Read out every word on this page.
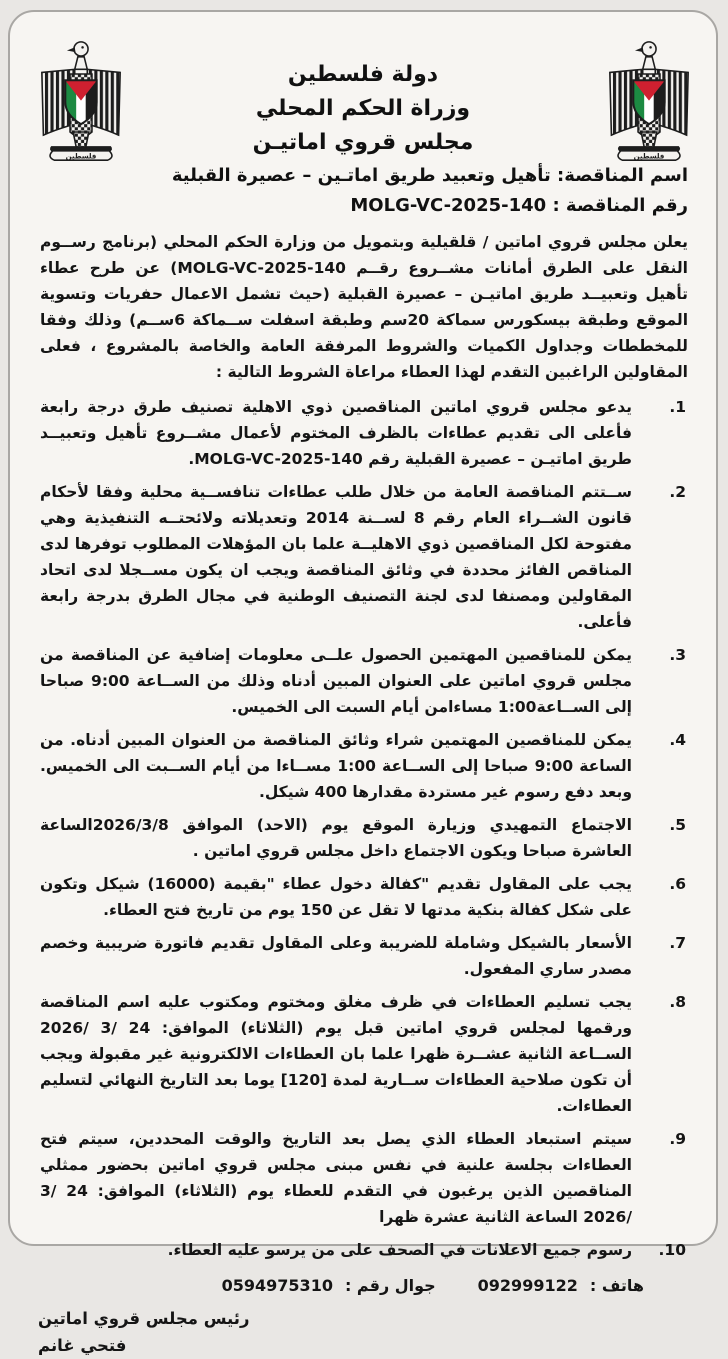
فلسطين	فلسطين
دولة فلسطين
وزراة الحكم المحلي
مجلس قروي اماتيـن
اسم المناقصة: تأهيل وتعبيد طريق اماتـين – عصيرة القبلية
رقم المناقصة : MOLG-VC-2025-140
يعلن مجلس قروي اماتين / قلقيلية وبتمويل من وزارة الحكم المحلي (برنامج رســوم النقل على الطرق أمانات مشــروع رقــم MOLG-VC-2025-140) عن طرح عطاء تأهيل وتعبيــد طريق اماتيـن – عصيرة القبلية (حيث تشمل الاعمال حفريات وتسوية الموقع وطبقة بيسكورس سماكة 20سم وطبقة اسفلت ســماكة 6ســم) وذلك وفقا للمخططات وجداول الكميات والشروط المرفقة العامة والخاصة بالمشروع ، فعلى المقاولين الراغبين التقدم لهذا العطاء مراعاة الشروط التالية :
1.
يدعو مجلس قروي اماتين المناقصين ذوي الاهلية تصنيف طرق درجة رابعة فأعلى الى تقديم عطاءات بالظرف المختوم لأعمال مشــروع تأهيل وتعبيــد طريق اماتيـن – عصيرة القبلية رقم MOLG-VC-2025-140.
2.
ســتتم المناقصة العامة من خلال طلب عطاءات تنافســية محلية وفقا لأحكام قانون الشــراء العام رقم 8 لســنة 2014 وتعديلاته ولائحتــه التنفيذية وهي مفتوحة لكل المناقصين ذوي الاهليــة علما بان المؤهلات المطلوب توفرها لدى المناقص الفائز محددة في وثائق المناقصة ويجب ان يكون مســجلا لدى اتحاد المقاولين ومصنفا لدى لجنة التصنيف الوطنية في مجال الطرق بدرجة رابعة فأعلى.
3.
يمكن للمناقصين المهتمين الحصول علــى معلومات إضافية عن المناقصة من مجلس قروي اماتين على العنوان المبين أدناه وذلك من الســاعة 9:00 صباحا إلى الســاعة1:00 مساءامن أيام السبت الى الخميس.
4.
يمكن للمناقصين المهتمين شراء وثائق المناقصة من العنوان المبين أدناه. من الساعة 9:00 صباحا إلى الســاعة 1:00 مســاءا من أيام الســبت الى الخميس. وبعد دفع رسوم غير مستردة مقدارها 400 شيكل.
5.
الاجتماع التمهيدي وزيارة الموقع يوم (الاحد) الموافق 2026/3/8الساعة العاشرة صباحا ويكون الاجتماع داخل مجلس قروي اماتين .
6.
يجب على المقاول تقديم "كفالة دخول عطاء "بقيمة (16000) شيكل وتكون على شكل كفالة بنكية مدتها لا تقل عن 150 يوم من تاريخ فتح العطاء.
7.
الأسعار بالشيكل وشاملة للضريبة وعلى المقاول تقديم فاتورة ضريبية وخصم مصدر ساري المفعول.
8.
يجب تسليم العطاءات في ظرف مغلق ومختوم ومكتوب عليه اسم المناقصة ورقمها لمجلس قروي اماتين قبل يوم (الثلاثاء) الموافق: 24 /3 /2026 الســاعة الثانية عشــرة ظهرا علما بان العطاءات الالكترونية غير مقبولة ويجب أن تكون صلاحية العطاءات ســارية لمدة [120] يوما بعد التاريخ النهائي لتسليم العطاءات.
9.
سيتم استبعاد العطاء الذي يصل بعد التاريخ والوقت المحددين، سيتم فتح العطاءات بجلسة علنية في نفس مبنى مجلس قروي اماتين بحضور ممثلي المناقصين الذين يرغبون في التقدم للعطاء يوم (الثلاثاء) الموافق: 24 /3 /2026 الساعة الثانية عشرة ظهرا
10.
رسوم جميع الاعلانات في الصحف على من يرسو عليه العطاء.
هاتف :
092999122
جوال رقم :
0594975310
رئيس مجلس قروي اماتين
فتحي غانم
